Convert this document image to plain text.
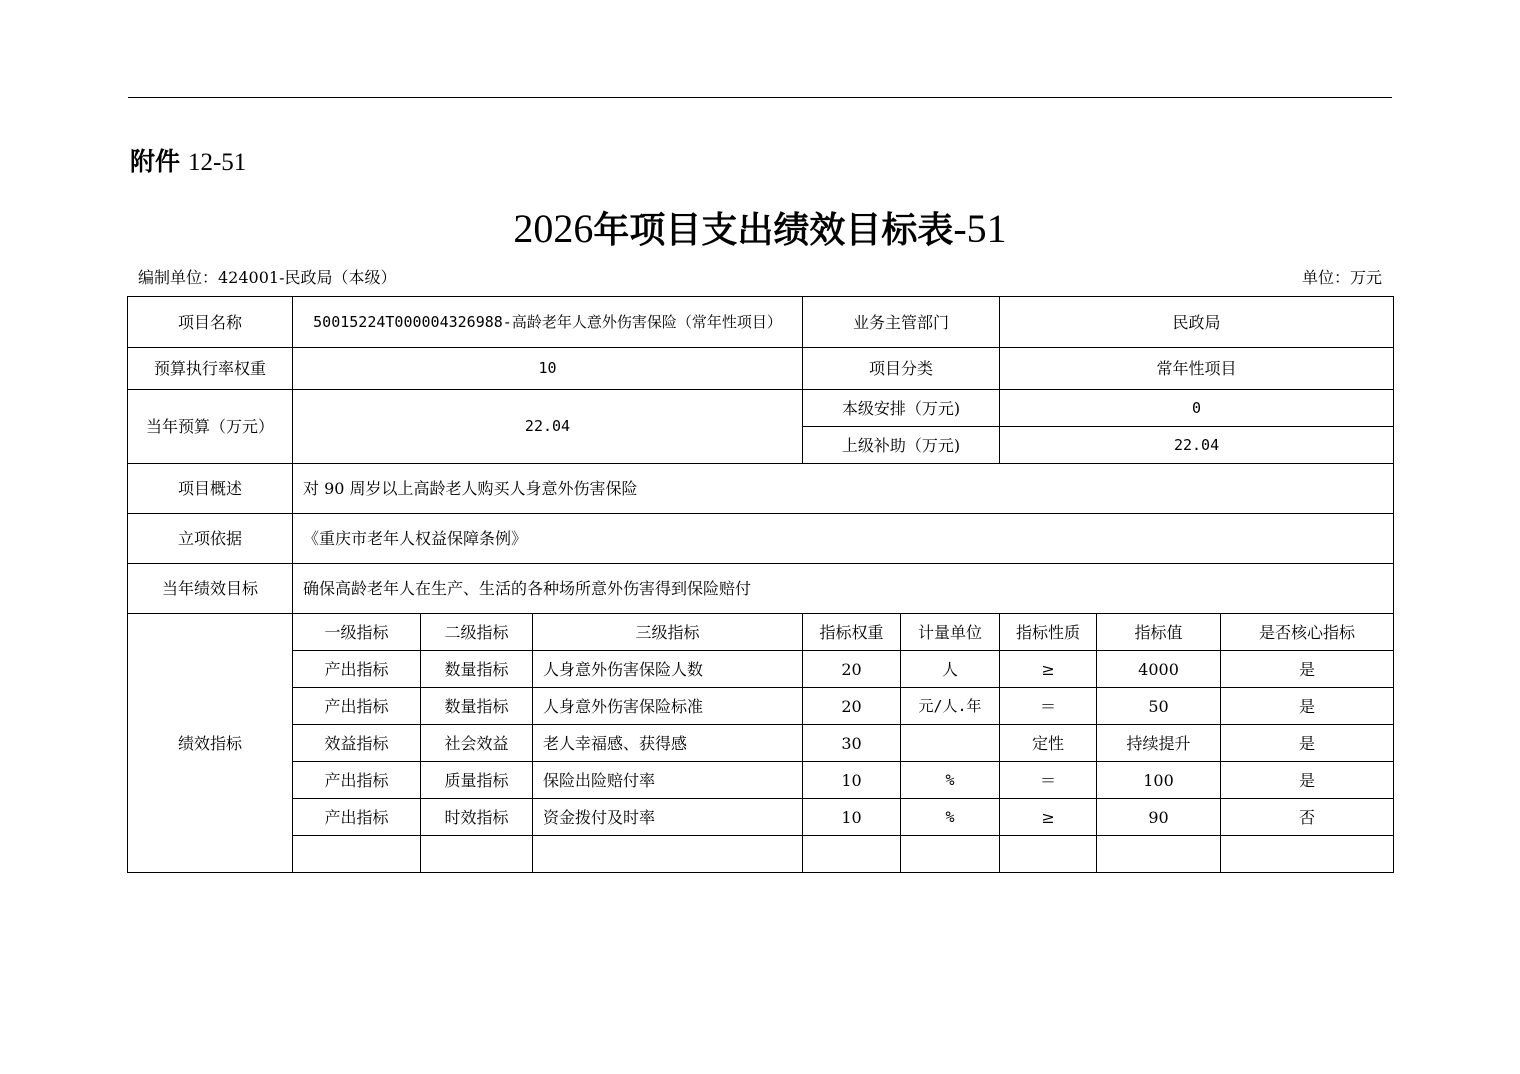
附件 12-51
2026年项目支出绩效目标表-51
编制单位：424001-民政局（本级）	单位：万元
项目名称	50015224T000004326988-高龄老年人意外伤害保险（常年性项目）			业务主管部门		民政局		
预算执行率权重	10			项目分类		常年性项目		
当年预算（万元）	22.04			本级安排（万元)		0		
				上级补助（万元)		22.04		
项目概述	对 90 周岁以上高龄老人购买人身意外伤害保险							
立项依据	《重庆市老年人权益保障条例》							
当年绩效目标	确保高龄老年人在生产、生活的各种场所意外伤害得到保险赔付							
绩效指标	一级指标	二级指标	三级指标	指标权重	计量单位	指标性质	指标值	是否核心指标
	产出指标	数量指标	人身意外伤害保险人数	20	人	≥	4000	是
	产出指标	数量指标	人身意外伤害保险标准	20	元/人.年	＝	50	是
	效益指标	社会效益	老人幸福感、获得感	30		定性	持续提升	是
	产出指标	质量指标	保险出险赔付率	10	%	＝	100	是
	产出指标	时效指标	资金拨付及时率	10	%	≥	90	否
